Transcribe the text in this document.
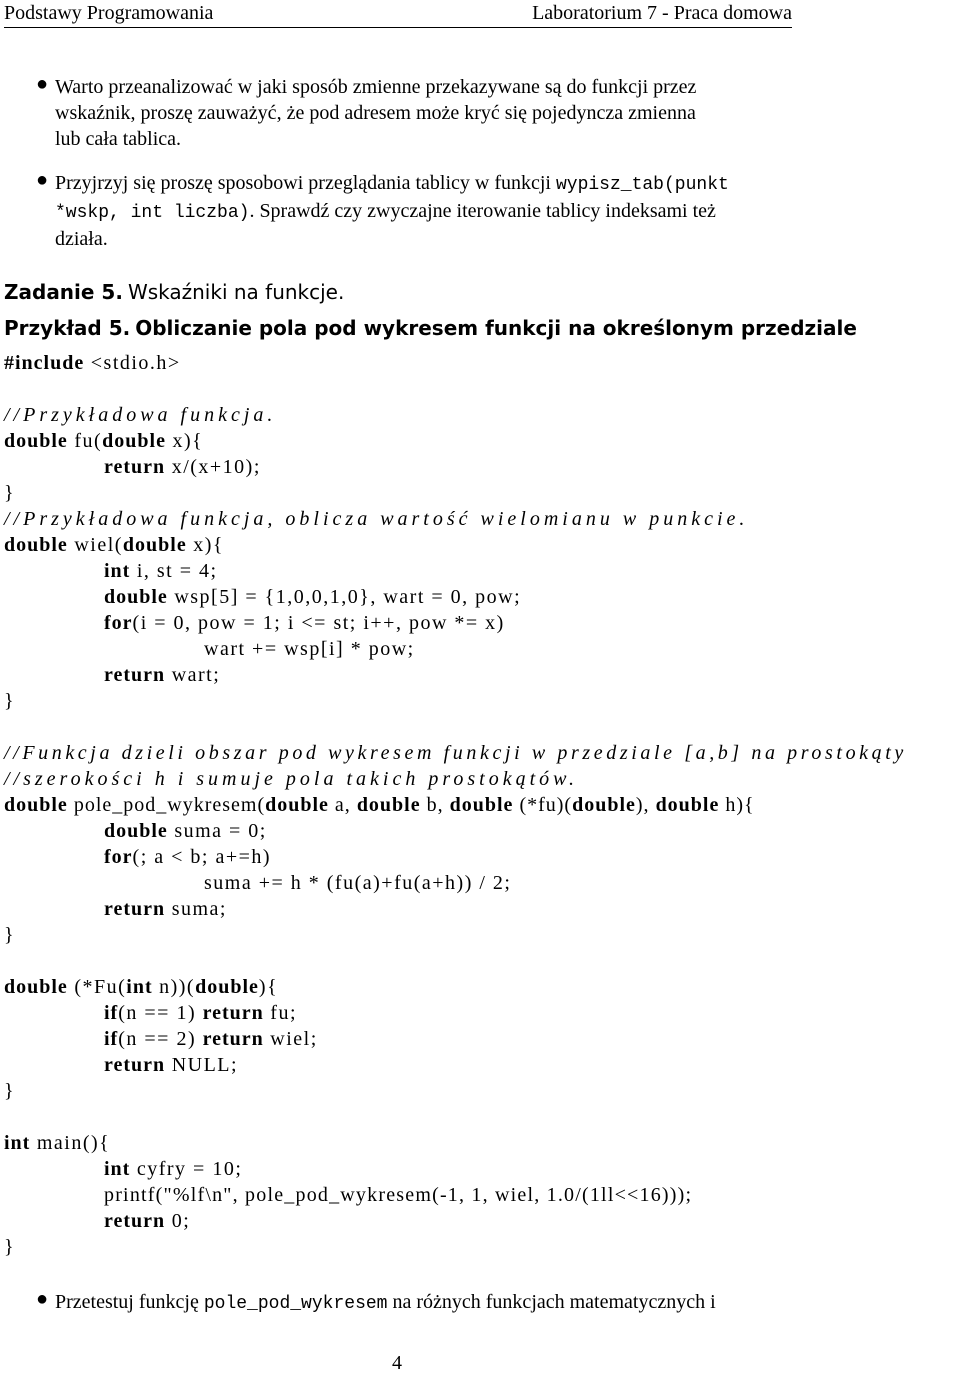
Podstawy Programowania	Laboratorium 7 - Praca domowa
● Warto przeanalizować w jaki sposób zmienne przekazywane są do funkcji przez
wskaźnik, proszę zauważyć, że pod adresem może kryć się pojedyncza zmienna
lub cała tablica.
● Przyjrzyj się proszę sposobowi przeglądania tablicy w funkcji wypisz_tab(punkt
*wskp, int liczba). Sprawdź czy zwyczajne iterowanie tablicy indeksami też
działa.
Zadanie 5. Wskaźniki na funkcje.
Przykład 5. Obliczanie pola pod wykresem funkcji na określonym przedziale
#include <stdio.h>
//Przykładowa funkcja.
double fu(double x){
return x/(x+10);
}
//Przykładowa funkcja, oblicza wartość wielomianu w punkcie.
double wiel(double x){
int i, st = 4;
double wsp[5] = {1,0,0,1,0}, wart = 0, pow;
for(i = 0, pow = 1; i <= st; i++, pow *= x)
wart += wsp[i] * pow;
return wart;
}
//Funkcja dzieli obszar pod wykresem funkcji w przedziale [a,b] na prostokąty
//szerokości h i sumuje pola takich prostokątów.
double pole_pod_wykresem(double a, double b, double (*fu)(double), double h){
double suma = 0;
for(; a < b; a+=h)
suma += h * (fu(a)+fu(a+h)) / 2;
return suma;
}
double (*Fu(int n))(double){
if(n == 1) return fu;
if(n == 2) return wiel;
return NULL;
}
int main(){
int cyfry = 10;
printf("%lf\n", pole_pod_wykresem(-1, 1, wiel, 1.0/(1ll<<16)));
return 0;
}
● Przetestuj funkcję pole_pod_wykresem na różnych funkcjach matematycznych i
4
